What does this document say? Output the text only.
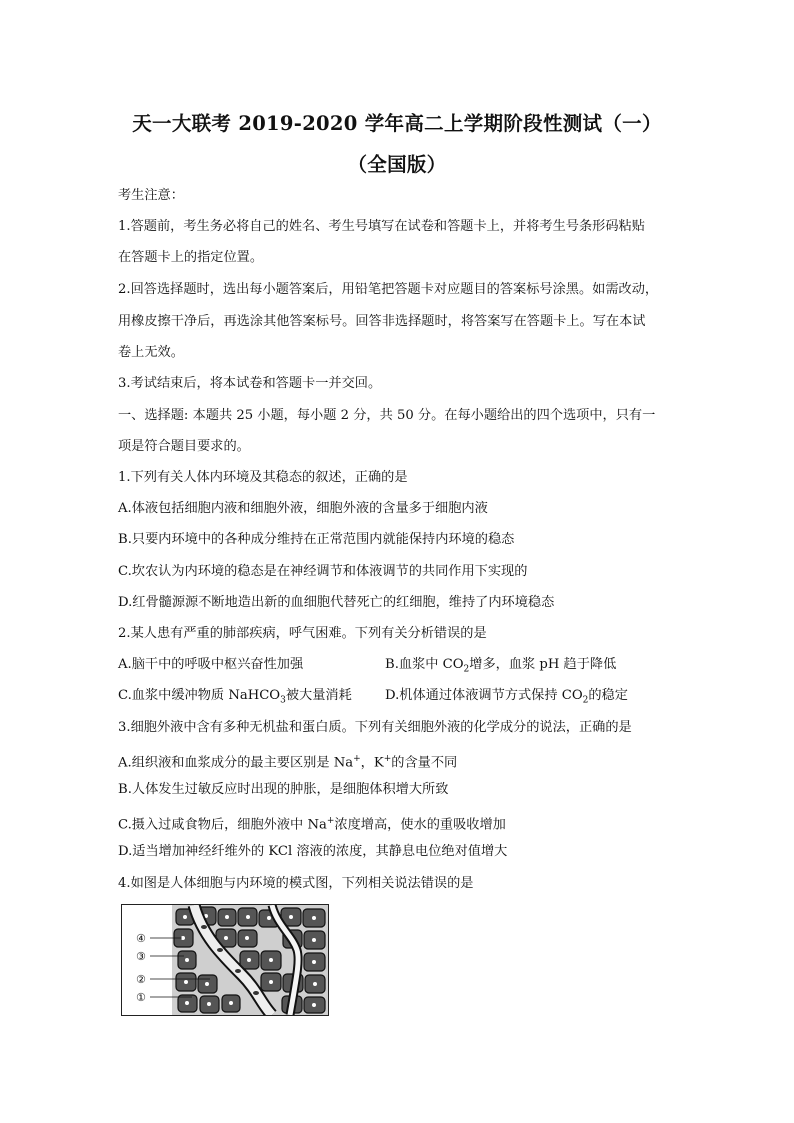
天一大联考 2019-2020 学年高二上学期阶段性测试（一）
（全国版）
考生注意：
1.答题前，考生务必将自己的姓名、考生号填写在试卷和答题卡上，并将考生号条形码粘贴
在答题卡上的指定位置。
2.回答选择题时，选出每小题答案后，用铅笔把答题卡对应题目的答案标号涂黑。如需改动，
用橡皮擦干净后，再选涂其他答案标号。回答非选择题时，将答案写在答题卡上。写在本试
卷上无效。
3.考试结束后，将本试卷和答题卡一并交回。
一、选择题: 本题共 25 小题，每小题 2 分，共 50 分。在每小题给出的四个选项中，只有一
项是符合题目要求的。
1.下列有关人体内环境及其稳态的叙述，正确的是
A.体液包括细胞内液和细胞外液，细胞外液的含量多于细胞内液
B.只要内环境中的各种成分维持在正常范围内就能保持内环境的稳态
C.坎农认为内环境的稳态是在神经调节和体液调节的共同作用下实现的
D.红骨髓源源不断地造出新的血细胞代替死亡的红细胞，维持了内环境稳态
2.某人患有严重的肺部疾病，呼气困难。下列有关分析错误的是
A.脑干中的呼吸中枢兴奋性加强	B.血浆中 $CO_2$增多，血浆 pH 趋于降低
C.血浆中缓冲物质 NaHCO$_3$被大量消耗	D.机体通过体液调节方式保持 $CO_2$的稳定
3.细胞外液中含有多种无机盐和蛋白质。下列有关细胞外液的化学成分的说法，正确的是
A.组织液和血浆成分的最主要区别是 Na+，K+的含量不同
B.人体发生过敏反应时出现的肿胀，是细胞体积增大所致
C.摄入过咸食物后，细胞外液中 Na+浓度增高，使水的重吸收增加
D.适当增加神经纤维外的 KCl 溶液的浓度，其静息电位绝对值增大
4.如图是人体细胞与内环境的模式图，下列相关说法错误的是
④
③
②
①
